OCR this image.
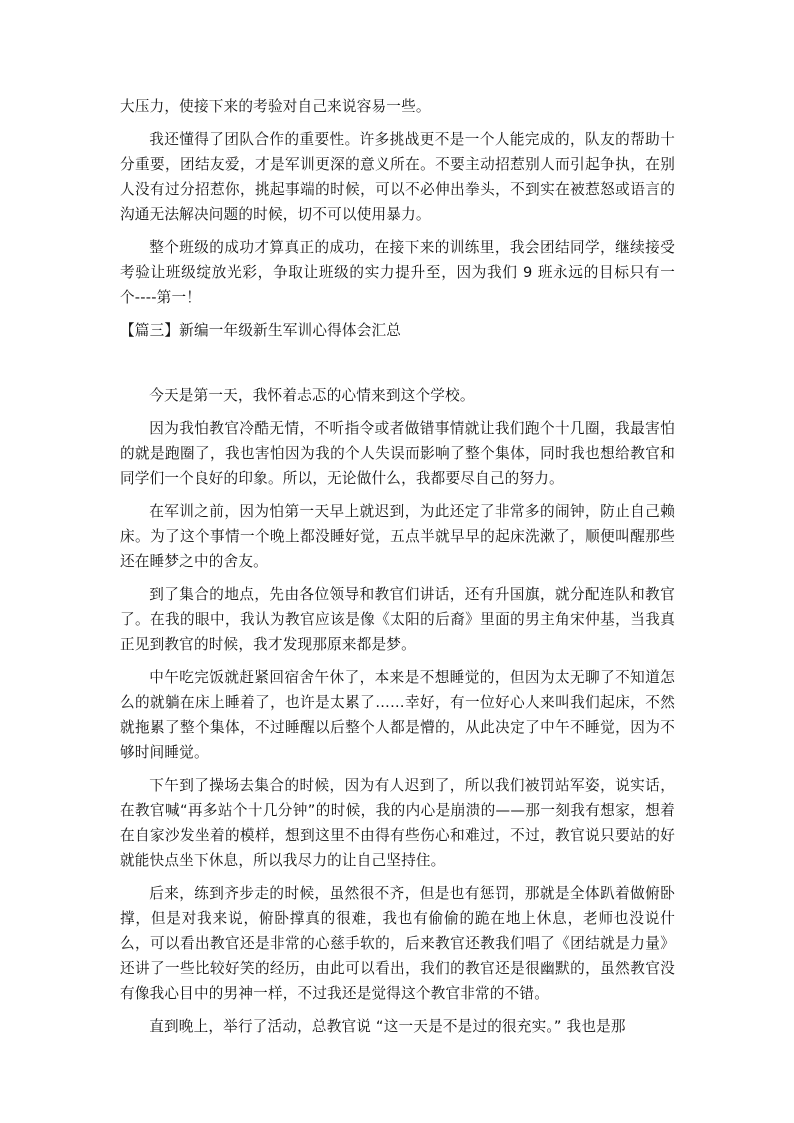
大压力，使接下来的考验对自己来说容易一些。

我还懂得了团队合作的重要性。许多挑战更不是一个人能完成的，队友的帮助十分重要，团结友爱，才是军训更深的意义所在。不要主动招惹别人而引起争执，在别人没有过分招惹你，挑起事端的时候，可以不必伸出拳头，不到实在被惹怒或语言的沟通无法解决问题的时候，切不可以使用暴力。

整个班级的成功才算真正的成功，在接下来的训练里，我会团结同学，继续接受考验让班级绽放光彩，争取让班级的实力提升至，因为我们 9 班永远的目标只有一个----第一！

【篇三】新编一年级新生军训心得体会汇总

今天是第一天，我怀着忐忑的心情来到这个学校。

因为我怕教官冷酷无情，不听指令或者做错事情就让我们跑个十几圈，我最害怕的就是跑圈了，我也害怕因为我的个人失误而影响了整个集体，同时我也想给教官和同学们一个良好的印象。所以，无论做什么，我都要尽自己的努力。

在军训之前，因为怕第一天早上就迟到，为此还定了非常多的闹钟，防止自己赖床。为了这个事情一个晚上都没睡好觉，五点半就早早的起床洗漱了，顺便叫醒那些还在睡梦之中的舍友。

到了集合的地点，先由各位领导和教官们讲话，还有升国旗，就分配连队和教官了。在我的眼中，我认为教官应该是像《太阳的后裔》里面的男主角宋仲基，当我真正见到教官的时候，我才发现那原来都是梦。

中午吃完饭就赶紧回宿舍午休了，本来是不想睡觉的，但因为太无聊了不知道怎么的就躺在床上睡着了，也许是太累了……幸好，有一位好心人来叫我们起床，不然就拖累了整个集体，不过睡醒以后整个人都是懵的，从此决定了中午不睡觉，因为不够时间睡觉。

下午到了操场去集合的时候，因为有人迟到了，所以我们被罚站军姿，说实话，在教官喊“再多站个十几分钟”的时候，我的内心是崩溃的——那一刻我有想家，想着在自家沙发坐着的模样，想到这里不由得有些伤心和难过，不过，教官说只要站的好就能快点坐下休息，所以我尽力的让自己坚持住。

后来，练到齐步走的时候，虽然很不齐，但是也有惩罚，那就是全体趴着做俯卧撑，但是对我来说，俯卧撑真的很难，我也有偷偷的跪在地上休息，老师也没说什么，可以看出教官还是非常的心慈手软的，后来教官还教我们唱了《团结就是力量》 还讲了一些比较好笑的经历，由此可以看出，我们的教官还是很幽默的，虽然教官没有像我心目中的男神一样，不过我还是觉得这个教官非常的不错。

直到晚上，举行了活动，总教官说 “这一天是不是过的很充实。” 我也是那
